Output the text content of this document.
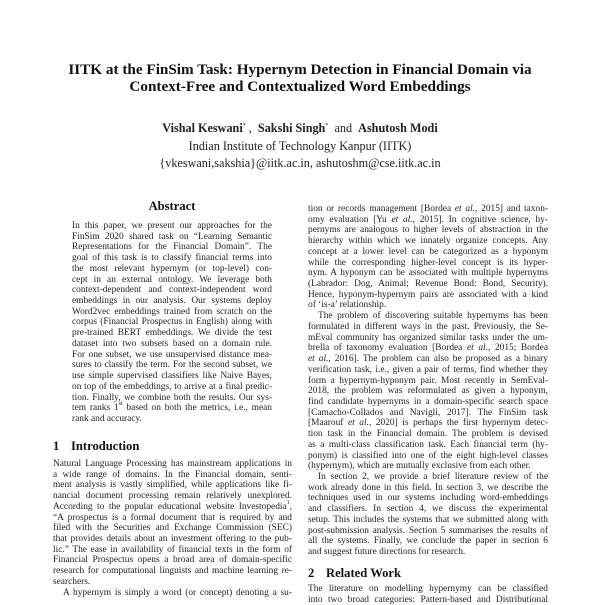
IITK at the FinSim Task: Hypernym Detection in Financial Domain via
Context-Free and Contextualized Word Embeddings
Vishal Keswani* , Sakshi Singh* and Ashutosh Modi
Indian Institute of Technology Kanpur (IITK)
{vkeswani,sakshia}@iitk.ac.in, ashutoshm@cse.iitk.ac.in
Abstract
In this paper, we present our approaches for the
FinSim 2020 shared task on “Learning Semantic
Representations for the Financial Domain”. The
goal of this task is to classify financial terms into
the most relevant hypernym (or top-level) con-
cept in an external ontology. We leverage both
context-dependent and context-independent word
embeddings in our analysis. Our systems deploy
Word2vec embeddings trained from scratch on the
corpus (Financial Prospectus in English) along with
pre-trained BERT embeddings. We divide the test
dataset into two subsets based on a domain rule.
For one subset, we use unsupervised distance mea-
sures to classify the term. For the second subset, we
use simple supervised classifiers like Naive Bayes,
on top of the embeddings, to arrive at a final predic-
tion. Finally, we combine both the results. Our sys-
tem ranks 1st based on both the metrics, i.e., mean
rank and accuracy.
1 Introduction
Natural Language Processing has mainstream applications in
a wide range of domains. In the Financial domain, senti-
ment analysis is vastly simplified, while applications like fi-
nancial document processing remain relatively unexplored.
According to the popular educational website Investopedia$^1$,
“A prospectus is a formal document that is required by and
filed with the Securities and Exchange Commission (SEC)
that provides details about an investment offering to the pub-
lic.” The ease in availability of financial texts in the form of
Financial Prospectus opens a broad area of domain-specific
research for computational linguists and machine learning re-
searchers.
A hypernym is simply a word (or concept) denoting a su-
tion or records management [Bordea et al., 2015] and taxon-
omy evaluation [Yu et al., 2015]. In cognitive science, hy-
pernyms are analogous to higher levels of abstraction in the
hierarchy within which we innately organize concepts. Any
concept at a lower level can be categorized as a hyponym
while the corresponding higher-level concept is its hyper-
nym. A hyponym can be associated with multiple hypernyms
(Labrador: Dog, Animal; Revenue Bond: Bond, Security).
Hence, hyponym-hypernym pairs are associated with a kind
of ‘is-a’ relationship.
The problem of discovering suitable hypernyms has been
formulated in different ways in the past. Previously, the Se-
mEval community has organized similar tasks under the um-
brella of taxonomy evaluation [Bordea et al., 2015; Bordea
et al., 2016]. The problem can also be proposed as a binary
verification task, i.e., given a pair of terms, find whether they
form a hypernym-hyponym pair. Most recently in SemEval-
2018, the problem was reformulated as given a hyponym,
find candidate hypernyms in a domain-specific search space
[Camacho-Collados and Navigli, 2017]. The FinSim task
[Maarouf et al., 2020] is perhaps the first hypernym detec-
tion task in the Financial domain. The problem is devised
as a multi-class classification task. Each financial term (hy-
ponym) is classified into one of the eight high-level classes
(hypernym), which are mutually exclusive from each other.
In section 2, we provide a brief literature review of the
work already done in this field. In section 3, we describe the
techniques used in our systems including word-embeddings
and classifiers. In section 4, we discuss the experimental
setup. This includes the systems that we submitted along with
post-submission analysis. Section 5 summarises the results of
all the systems. Finally, we conclude the paper in section 6
and suggest future directions for research.
2 Related Work
The literature on modelling hypernymy can be classified
into two broad categories: Pattern-based and Distributional
